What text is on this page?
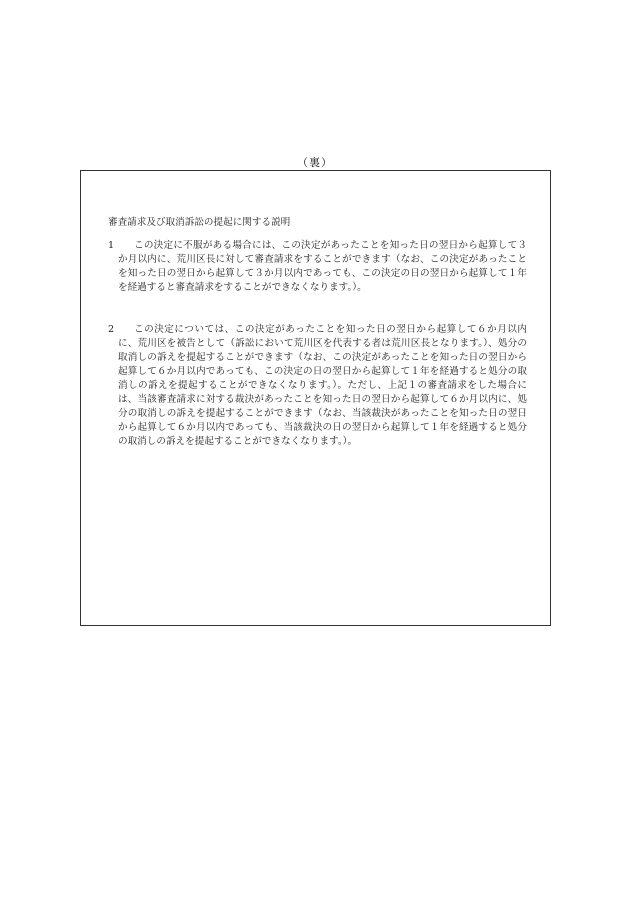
（裏）
審査請求及び取消訴訟の提起に関する説明
1	この決定に不服がある場合には、この決定があったことを知った日の翌日から起算して３か月以内に、荒川区長に対して審査請求をすることができます（なお、この決定があったことを知った日の翌日から起算して３か月以内であっても、この決定の日の翌日から起算して１年を経過すると審査請求をすることができなくなります。）。
2	この決定については、この決定があったことを知った日の翌日から起算して６か月以内に、荒川区を被告として（訴訟において荒川区を代表する者は荒川区長となります。）、処分の取消しの訴えを提起することができます（なお、この決定があったことを知った日の翌日から起算して６か月以内であっても、この決定の日の翌日から起算して１年を経過すると処分の取消しの訴えを提起することができなくなります。）。ただし、上記１の審査請求をした場合には、当該審査請求に対する裁決があったことを知った日の翌日から起算して６か月以内に、処分の取消しの訴えを提起することができます（なお、当該裁決があったことを知った日の翌日から起算して６か月以内であっても、当該裁決の日の翌日から起算して１年を経過すると処分の取消しの訴えを提起することができなくなります。）。
